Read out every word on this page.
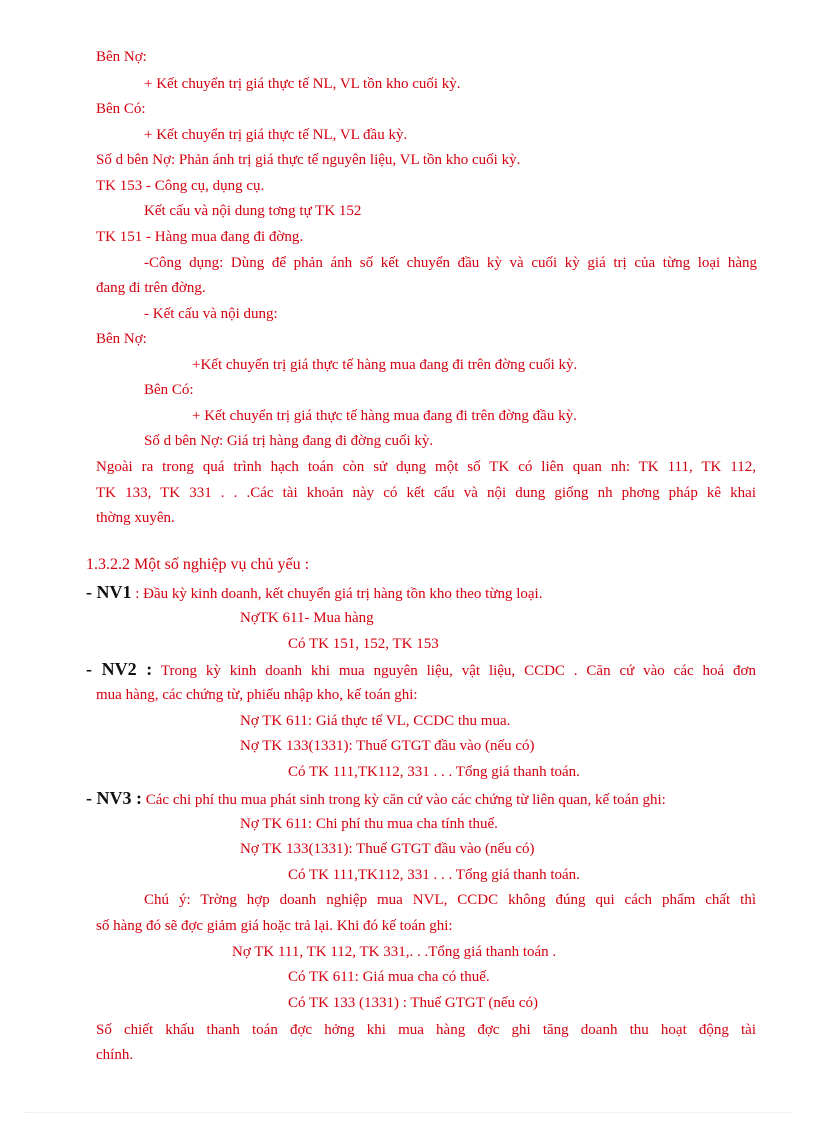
Bên Nợ:
+ Kết chuyển trị giá thực tế NL, VL tồn kho cuối kỳ.
Bên Có:
+ Kết chuyển trị giá thực tế NL, VL đầu kỳ.
Số d bên Nợ: Phản ánh trị giá thực tế nguyên liệu, VL tồn kho cuối kỳ.
TK 153 - Công cụ, dụng cụ.
Kết cấu và nội dung tơng tự TK 152
TK 151 - Hàng mua đang đi đờng.
-Công dụng: Dùng để phản ánh số kết chuyển đầu kỳ và cuối kỳ giá trị của từng loại hàng
đang đi trên đờng.
- Kết cấu và nội dung:
Bên Nợ:
+Kết chuyển trị giá thực tế hàng mua đang đi trên đờng cuối kỳ.
Bên Có:
+ Kết chuyển trị giá thực tế hàng mua đang đi trên đờng đầu kỳ.
Số d bên Nợ: Giá trị hàng đang đi đờng cuối kỳ.
Ngoài ra trong quá trình hạch toán còn sử dụng một số TK có liên quan nh: TK 111, TK 112,
TK 133, TK 331 . . .Các tài khoản này có kết cấu và nội dung giống nh phơng pháp kê khai
thờng xuyên.
1.3.2.2 Một số nghiệp vụ chủ yếu :
- NV1 : Đầu kỳ kinh doanh, kết chuyển giá trị hàng tồn kho theo từng loại.
NợTK 611- Mua hàng
Có TK 151, 152, TK 153
- NV2 : Trong kỳ kinh doanh khi mua nguyên liệu, vật liệu, CCDC . Căn cứ vào các hoá đơn
mua hàng, các chứng từ, phiếu nhập kho, kế toán ghi:
Nợ TK 611: Giá thực tế VL, CCDC thu mua.
Nợ TK 133(1331): Thuế GTGT đầu vào (nếu có)
Có TK 111,TK112, 331 . . . Tổng giá thanh toán.
- NV3 : Các chi phí thu mua phát sinh trong kỳ căn cứ vào các chứng từ liên quan, kế toán ghi:
Nợ TK 611: Chi phí thu mua cha tính thuế.
Nợ TK 133(1331): Thuế GTGT đầu vào (nếu có)
Có TK 111,TK112, 331 . . . Tổng giá thanh toán.
Chú ý: Trờng hợp doanh nghiệp mua NVL, CCDC không đúng qui cách phẩm chất thì
số hàng đó sẽ đợc giảm giá hoặc trả lại. Khi đó kế toán ghi:
Nợ TK 111, TK 112, TK 331,. . .Tổng giá thanh toán .
Có TK 611: Giá mua cha có thuế.
Có TK 133 (1331) : Thuế GTGT (nếu có)
Số chiết khấu thanh toán đợc hởng khi mua hàng đợc ghi tăng doanh thu hoạt động tài
chính.
